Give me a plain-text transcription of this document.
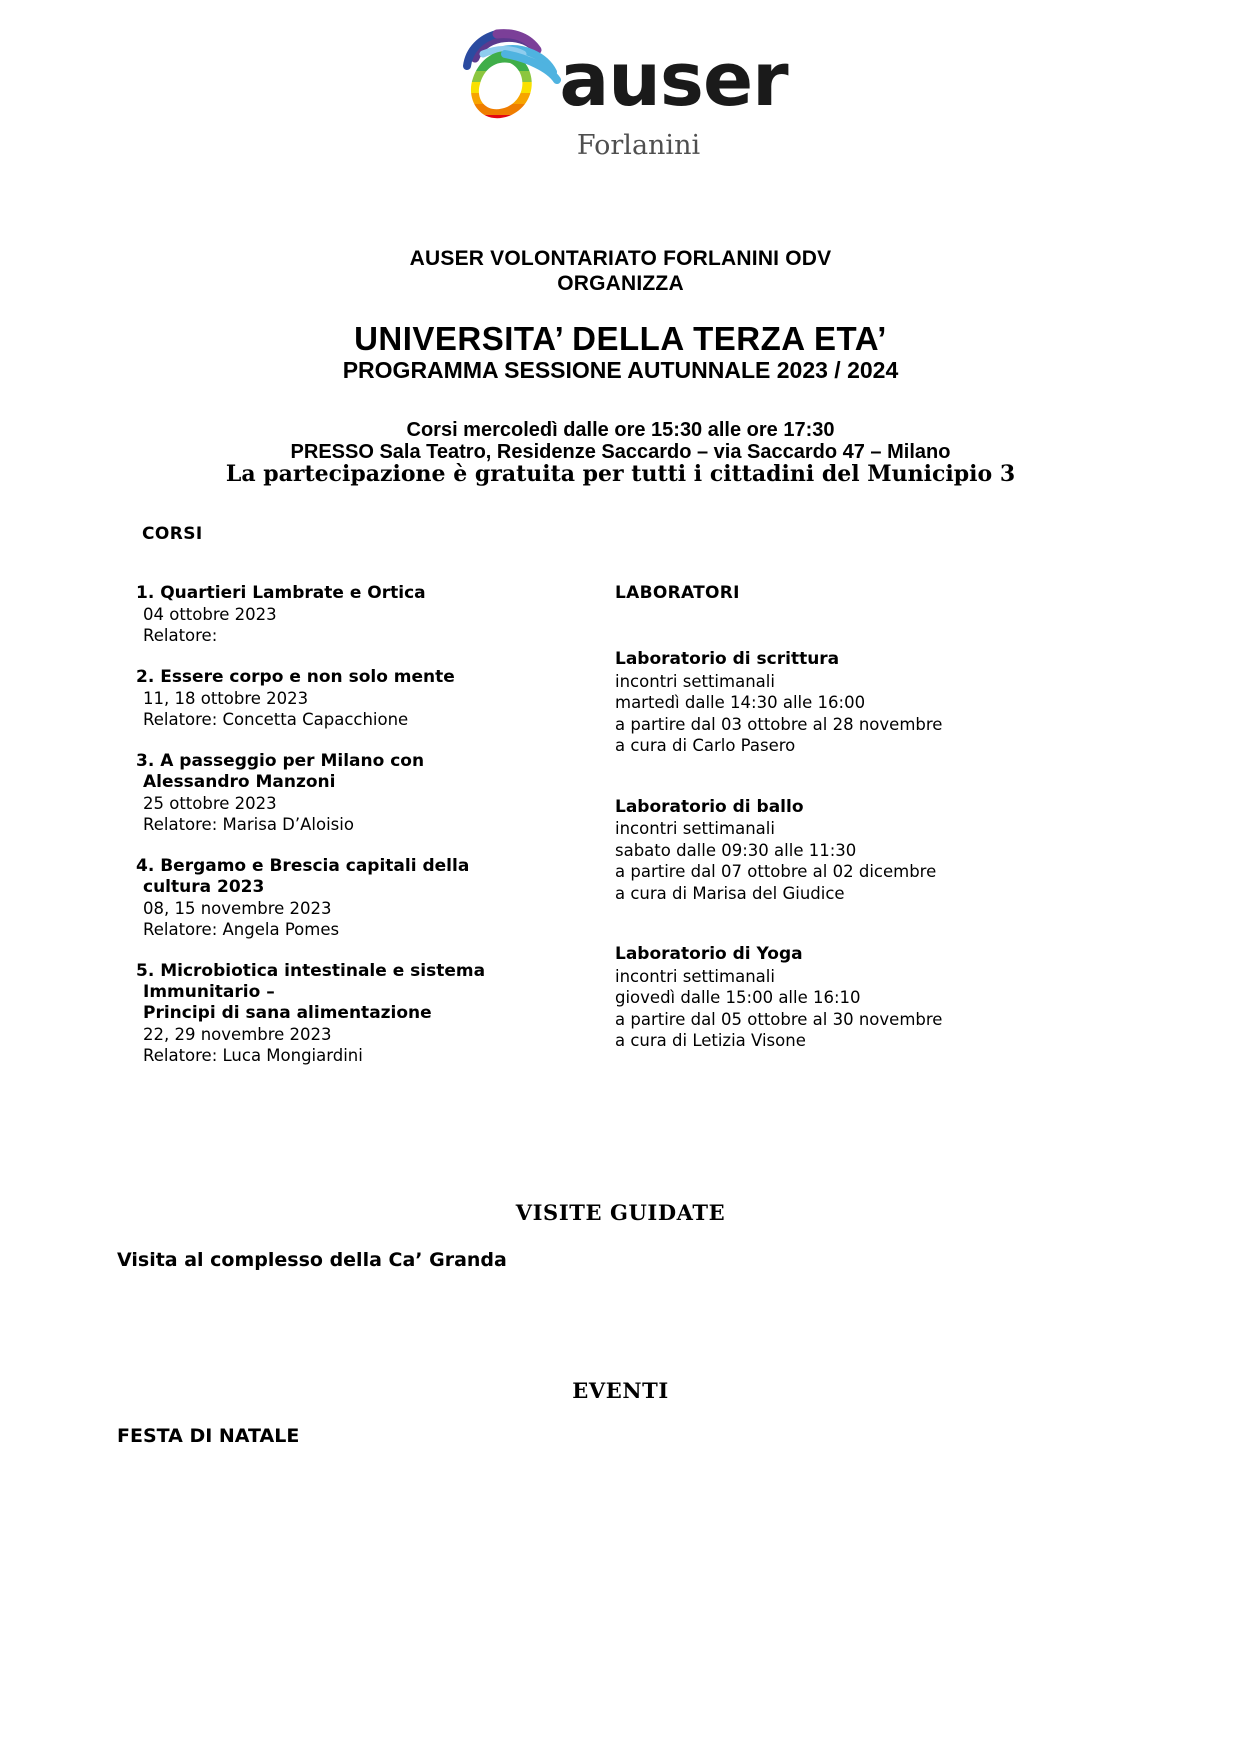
auser
Forlanini
AUSER VOLONTARIATO FORLANINI ODV
ORGANIZZA
UNIVERSITA’ DELLA TERZA ETA’
PROGRAMMA SESSIONE AUTUNNALE 2023 / 2024
Corsi mercoledì dalle ore 15:30 alle ore 17:30
PRESSO Sala Teatro, Residenze Saccardo – via Saccardo 47 – Milano
La partecipazione è gratuita per tutti i cittadini del Municipio 3
CORSI
1. Quartieri Lambrate e Ortica
04 ottobre 2023
Relatore:
2. Essere corpo e non solo mente
11, 18 ottobre 2023
Relatore: Concetta Capacchione
3. A passeggio per Milano con
Alessandro Manzoni
25 ottobre 2023
Relatore: Marisa D’Aloisio
4. Bergamo e Brescia capitali della
cultura 2023
08, 15 novembre 2023
Relatore: Angela Pomes
5. Microbiotica intestinale e sistema
Immunitario –
Principi di sana alimentazione
22, 29 novembre 2023
Relatore: Luca Mongiardini
LABORATORI
Laboratorio di scrittura
incontri settimanali
martedì dalle 14:30 alle 16:00
a partire dal 03 ottobre al 28 novembre
a cura di Carlo Pasero
Laboratorio di ballo
incontri settimanali
sabato dalle 09:30 alle 11:30
a partire dal 07 ottobre al 02 dicembre
a cura di Marisa del Giudice
Laboratorio di Yoga
incontri settimanali
giovedì dalle 15:00 alle 16:10
a partire dal 05 ottobre al 30 novembre
a cura di Letizia Visone
VISITE GUIDATE
Visita al complesso della Ca’ Granda
EVENTI
FESTA DI NATALE
